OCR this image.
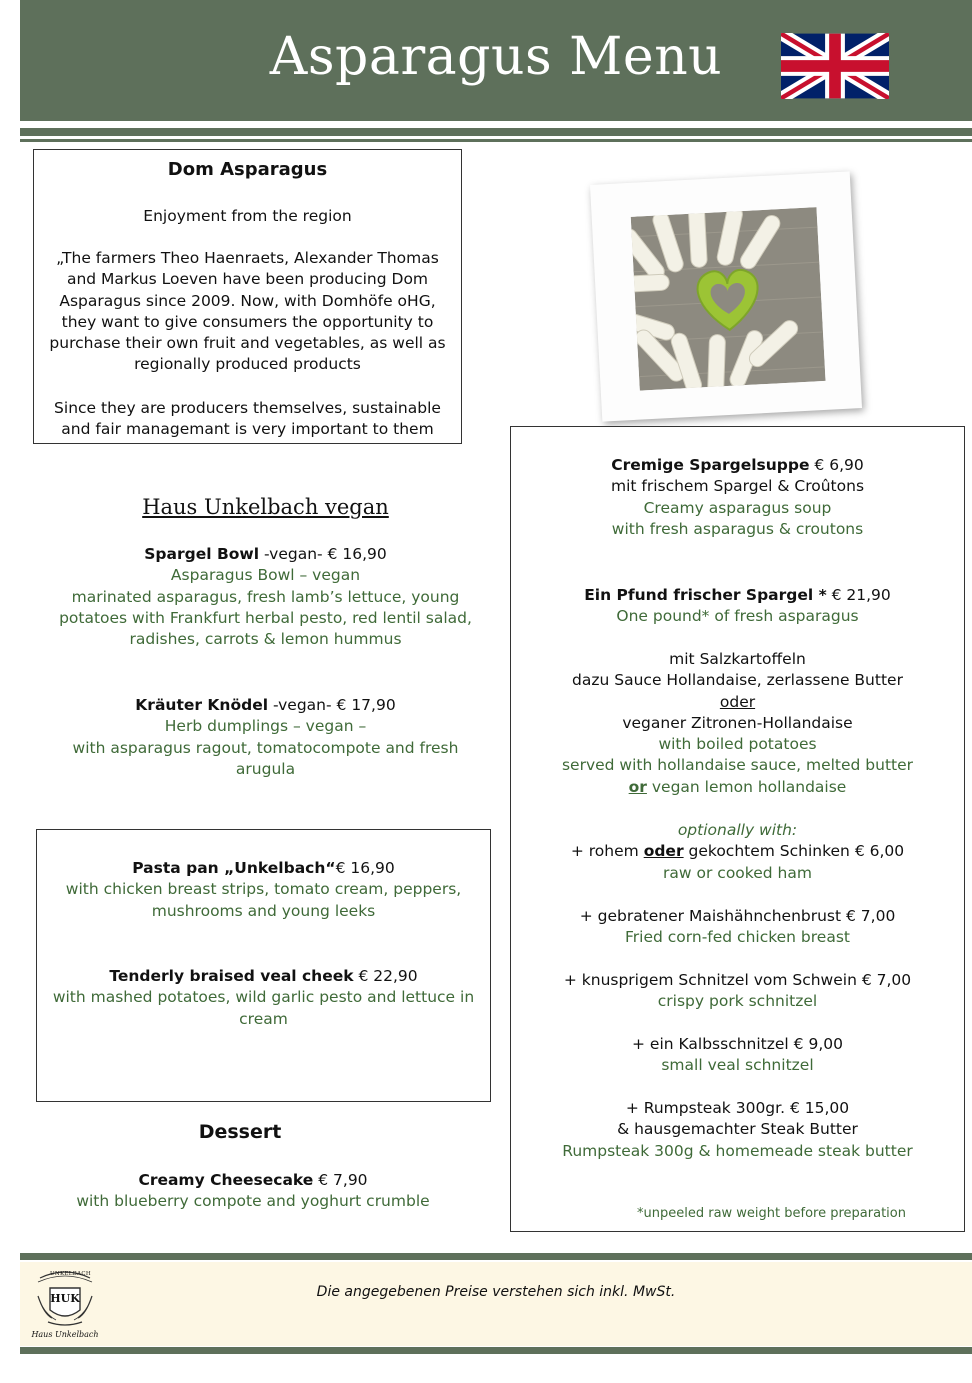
Asparagus Menu
Dom Asparagus
Enjoyment from the region
„The farmers Theo Haenraets, Alexander Thomas
and Markus Loeven have been producing Dom
Asparagus since 2009. Now, with Domhöfe oHG,
they want to give consumers the opportunity to
purchase their own fruit and vegetables, as well as
regionally produced products
Since they are producers themselves, sustainable
and fair managemant is very important to them
Haus Unkelbach vegan
Spargel Bowl -vegan- € 16,90
Asparagus Bowl – vegan
marinated asparagus, fresh lamb’s lettuce, young
potatoes with Frankfurt herbal pesto, red lentil salad,
radishes, carrots & lemon hummus
Kräuter Knödel -vegan- € 17,90
Herb dumplings – vegan –
with asparagus ragout, tomatocompote and fresh
arugula
Pasta pan „Unkelbach“€ 16,90
with chicken breast strips, tomato cream, peppers,
mushrooms and young leeks
Tenderly braised veal cheek € 22,90
with mashed potatoes, wild garlic pesto and lettuce in
cream
Dessert
Creamy Cheesecake € 7,90
with blueberry compote and yoghurt crumble
Cremige Spargelsuppe € 6,90
mit frischem Spargel & Croûtons
Creamy asparagus soup
with fresh asparagus & croutons
Ein Pfund frischer Spargel * € 21,90
One pound* of fresh asparagus
mit Salzkartoffeln
dazu Sauce Hollandaise, zerlassene Butter
oder
veganer Zitronen-Hollandaise
with boiled potatoes
served with hollandaise sauce, melted butter
or vegan lemon hollandaise
optionally with:
+ rohem oder gekochtem Schinken € 6,00
raw or cooked ham
+ gebratener Maishähnchenbrust € 7,00
Fried corn-fed chicken breast
+ knusprigem Schnitzel vom Schwein € 7,00
crispy pork schnitzel
+ ein Kalbsschnitzel € 9,00
small veal schnitzel
+ Rumpsteak 300gr. € 15,00
& hausgemachter Steak Butter
Rumpsteak 300g & homemeade steak butter
*unpeeled raw weight before preparation
Die angegebenen Preise verstehen sich inkl. MwSt.
UNKELBACH
HUK
Haus Unkelbach
